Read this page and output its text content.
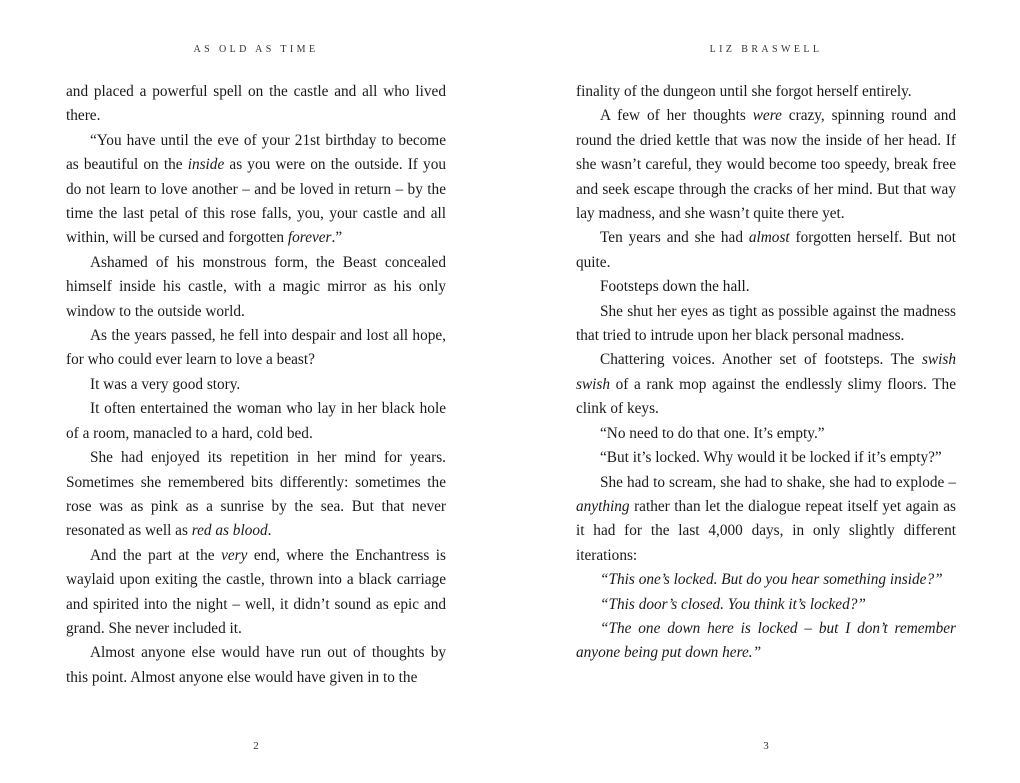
AS OLD AS TIME

and placed a powerful spell on the castle and all who lived there.

“You have until the eve of your 21st birthday to become as beautiful on the inside as you were on the outside. If you do not learn to love another – and be loved in return – by the time the last petal of this rose falls, you, your castle and all within, will be cursed and forgotten forever.”

Ashamed of his monstrous form, the Beast concealed himself inside his castle, with a magic mirror as his only window to the outside world.

As the years passed, he fell into despair and lost all hope, for who could ever learn to love a beast?

It was a very good story.

It often entertained the woman who lay in her black hole of a room, manacled to a hard, cold bed.

She had enjoyed its repetition in her mind for years. Sometimes she remembered bits differently: sometimes the rose was as pink as a sunrise by the sea. But that never resonated as well as red as blood.

And the part at the very end, where the Enchantress is waylaid upon exiting the castle, thrown into a black carriage and spirited into the night – well, it didn’t sound as epic and grand. She never included it.

Almost anyone else would have run out of thoughts by this point. Almost anyone else would have given in to the

2
LIZ BRASWELL

finality of the dungeon until she forgot herself entirely.

A few of her thoughts were crazy, spinning round and round the dried kettle that was now the inside of her head. If she wasn’t careful, they would become too speedy, break free and seek escape through the cracks of her mind. But that way lay madness, and she wasn’t quite there yet.

Ten years and she had almost forgotten herself. But not quite.

Footsteps down the hall.

She shut her eyes as tight as possible against the madness that tried to intrude upon her black personal madness.

Chattering voices. Another set of footsteps. The swish swish of a rank mop against the endlessly slimy floors. The clink of keys.

“No need to do that one. It’s empty.”

“But it’s locked. Why would it be locked if it’s empty?”

She had to scream, she had to shake, she had to explode – anything rather than let the dialogue repeat itself yet again as it had for the last 4,000 days, in only slightly different iterations:

“This one’s locked. But do you hear something inside?”

“This door’s closed. You think it’s locked?”

“The one down here is locked – but I don’t remember anyone being put down here.”

3
